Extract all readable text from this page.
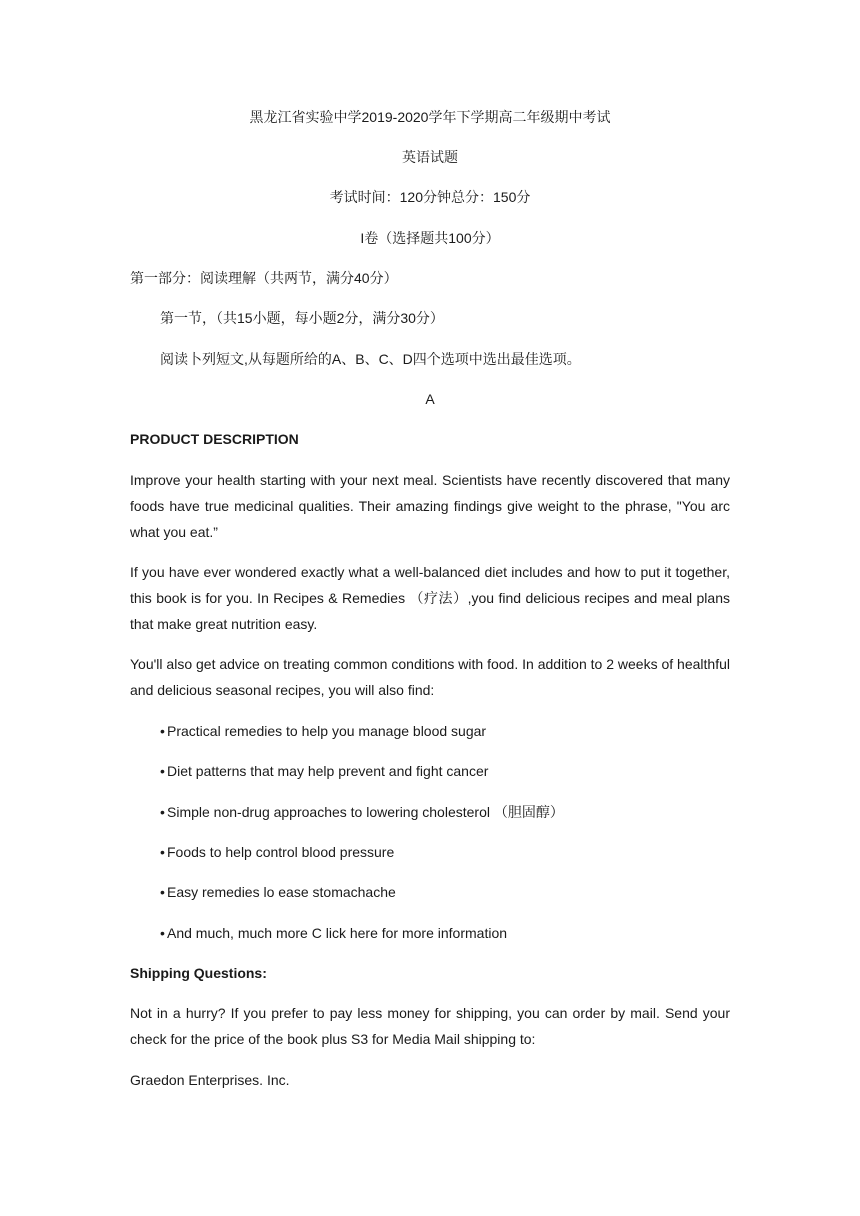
黑龙江省实验中学2019-2020学年下学期高二年级期中考试
英语试题
考试时间：120分钟总分：150分
I卷（选择题共100分）
第一部分：阅读理解（共两节，满分40分）
第一节，（共15小题，每小题2分，满分30分）
阅读卜列短文,从每题所给的A、B、C、D四个选项中选出最佳选项。
A
PRODUCT DESCRIPTION
Improve your health starting with your next meal. Scientists have recently discovered that many foods have true medicinal qualities. Their amazing findings give weight to the phrase, "You arc what you eat.”
If you have ever wondered exactly what a well-balanced diet includes and how to put it together, this book is for you. In Recipes & Remedies （疗法）,you find delicious recipes and meal plans that make great nutrition easy.
You'll also get advice on treating common conditions with food. In addition to 2 weeks of healthful and delicious seasonal recipes, you will also find:
• Practical remedies to help you manage blood sugar
• Diet patterns that may help prevent and fight cancer
• Simple non-drug approaches to lowering cholesterol （胆固醇）
• Foods to help control blood pressure
• Easy remedies lo ease stomachache
• And much, much more C lick here for more information
Shipping Questions:
Not in a hurry? If you prefer to pay less money for shipping, you can order by mail. Send your check for the price of the book plus S3 for Media Mail shipping to:
Graedon Enterprises. Inc.
